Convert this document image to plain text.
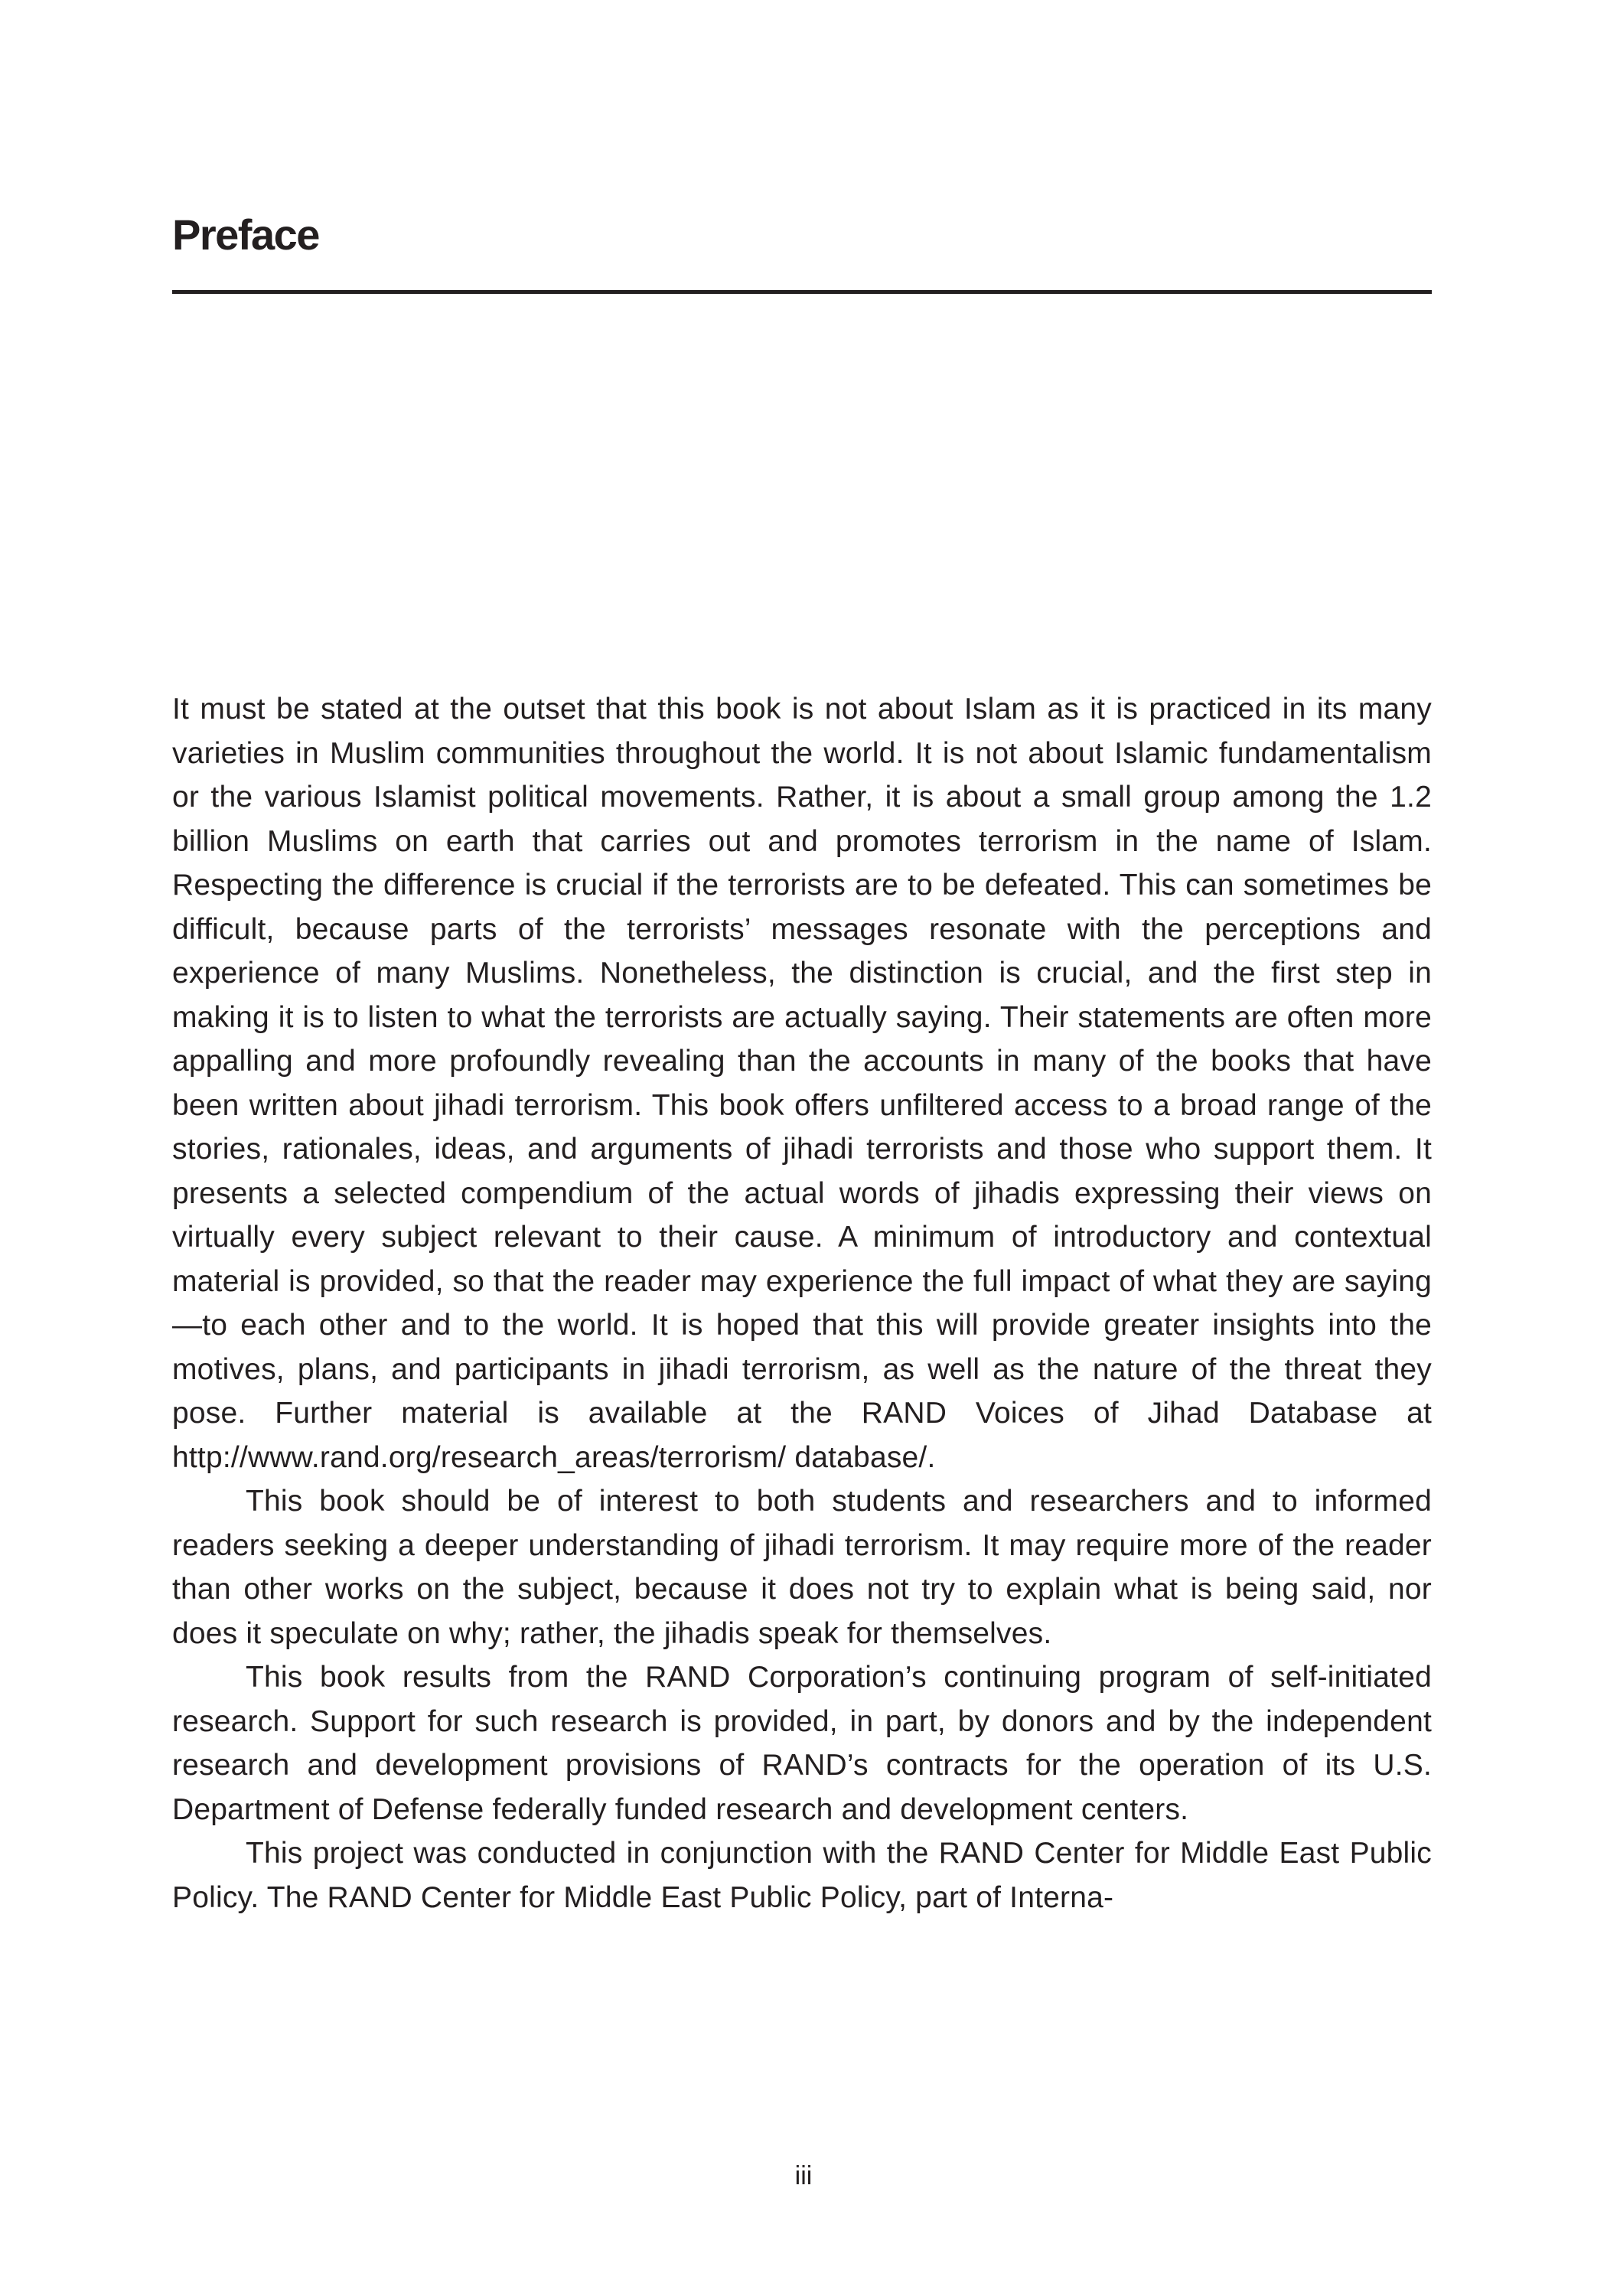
Preface

It must be stated at the outset that this book is not about Islam as it is practiced in its many varieties in Muslim communities throughout the world. It is not about Islamic fundamentalism or the various Islamist political movements. Rather, it is about a small group among the 1.2 billion Muslims on earth that carries out and promotes terrorism in the name of Islam. Respecting the difference is crucial if the terrorists are to be defeated. This can sometimes be difficult, because parts of the terrorists’ messages resonate with the perceptions and experience of many Muslims. Nonetheless, the distinction is crucial, and the first step in making it is to listen to what the terrorists are actually saying. Their statements are often more appalling and more profoundly revealing than the accounts in many of the books that have been written about jihadi terrorism. This book offers unfiltered access to a broad range of the stories, rationales, ideas, and arguments of jihadi terrorists and those who support them. It presents a selected compendium of the actual words of jihadis expressing their views on virtually every subject relevant to their cause. A minimum of introductory and contextual material is provided, so that the reader may experience the full impact of what they are saying—to each other and to the world. It is hoped that this will provide greater insights into the motives, plans, and participants in jihadi terrorism, as well as the nature of the threat they pose. Further material is available at the RAND Voices of Jihad Database at http://www.rand.org/research_areas/terrorism/ database/.

This book should be of interest to both students and researchers and to informed readers seeking a deeper understanding of jihadi terrorism. It may require more of the reader than other works on the subject, because it does not try to explain what is being said, nor does it speculate on why; rather, the jihadis speak for themselves.

This book results from the RAND Corporation’s continuing program of self-initiated research. Support for such research is provided, in part, by donors and by the independent research and development provisions of RAND’s contracts for the operation of its U.S. Department of Defense federally funded research and development centers.

This project was conducted in conjunction with the RAND Center for Middle East Public Policy. The RAND Center for Middle East Public Policy, part of Interna-

iii
